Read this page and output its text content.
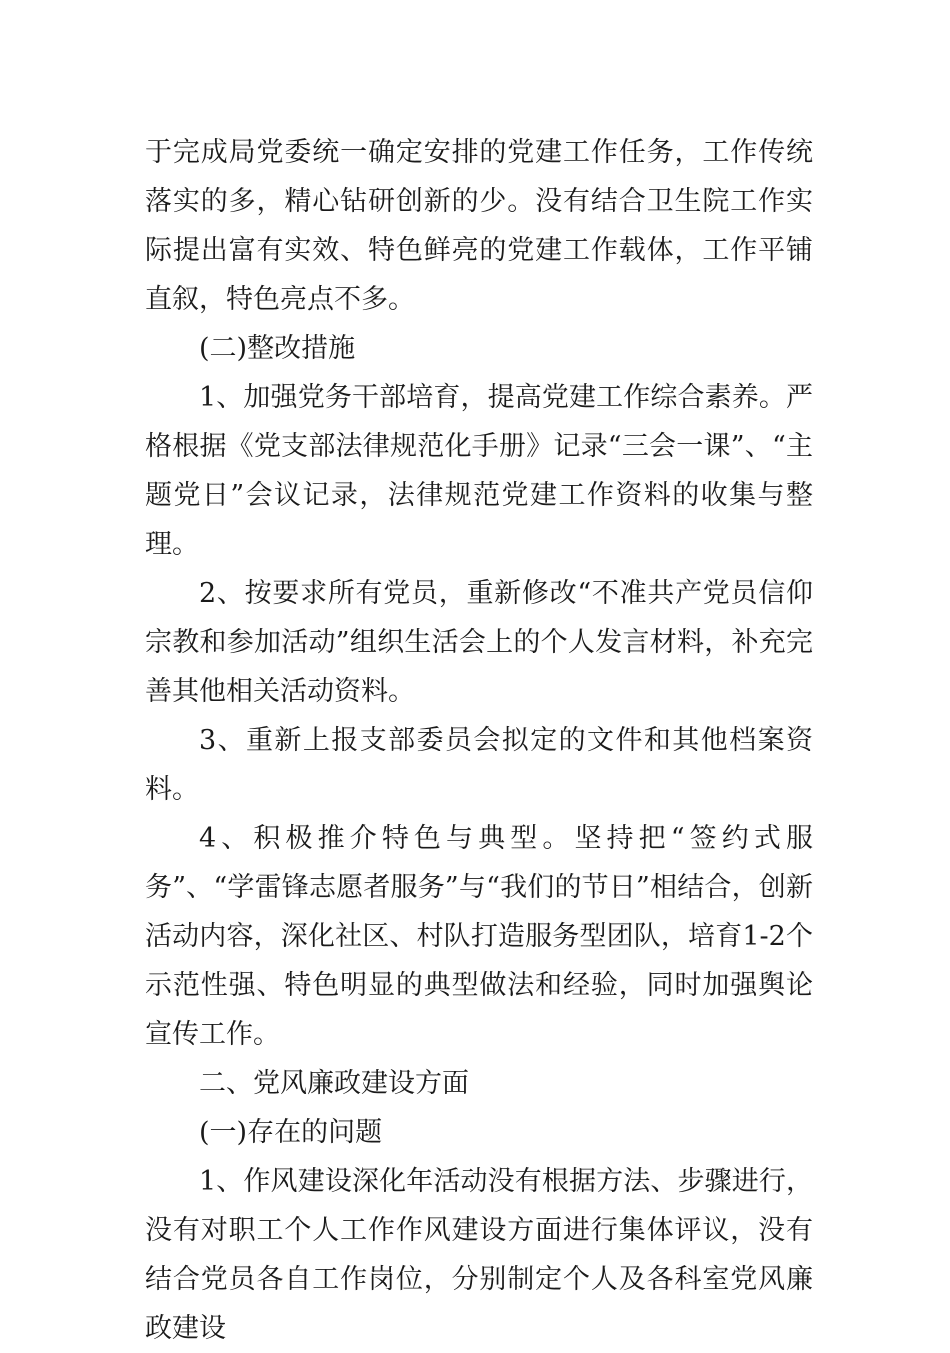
于完成局党委统一确定安排的党建工作任务，工作传统落实的多，精心钻研创新的少。没有结合卫生院工作实际提出富有实效、特色鲜亮的党建工作载体，工作平铺直叙，特色亮点不多。

(二)整改措施

1、加强党务干部培育，提高党建工作综合素养。严格根据《党支部法律规范化手册》记录“三会一课”、“主题党日”会议记录，法律规范党建工作资料的收集与整理。

2、按要求所有党员，重新修改“不准共产党员信仰宗教和参加活动”组织生活会上的个人发言材料，补充完善其他相关活动资料。

3、重新上报支部委员会拟定的文件和其他档案资料。

4、积极推介特色与典型。坚持把“签约式服务”、“学雷锋志愿者服务”与“我们的节日”相结合，创新活动内容，深化社区、村队打造服务型团队，培育1-2个示范性强、特色明显的典型做法和经验，同时加强舆论宣传工作。

二、党风廉政建设方面

(一)存在的问题

1、作风建设深化年活动没有根据方法、步骤进行，没有对职工个人工作作风建设方面进行集体评议，没有结合党员各自工作岗位，分别制定个人及各科室党风廉政建设
